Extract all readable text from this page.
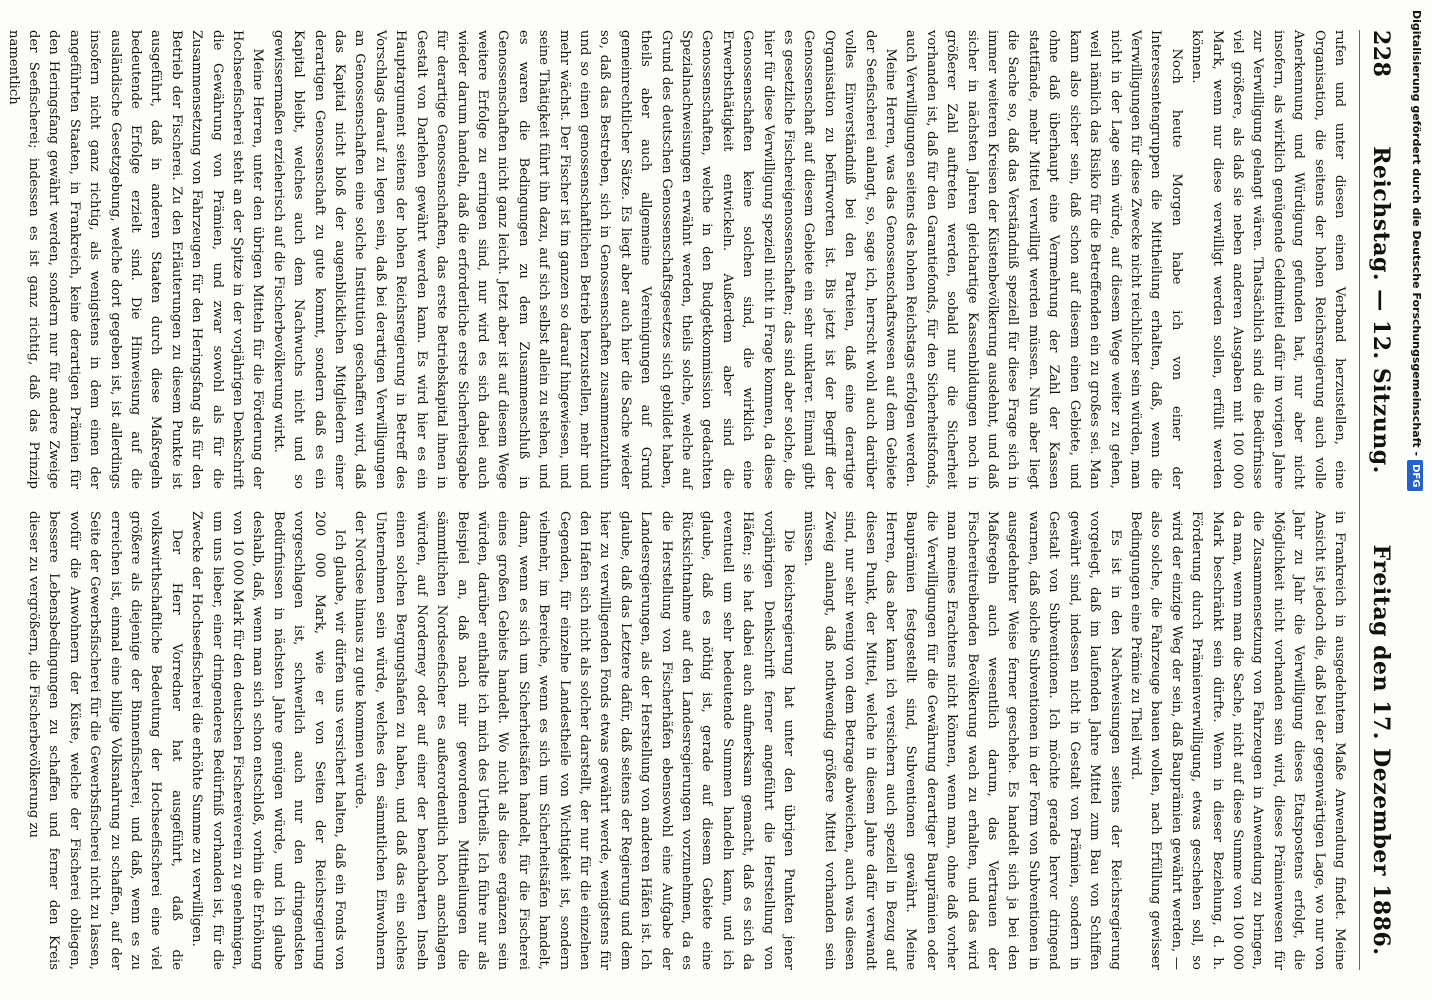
228
Reichstag. — 12. Sitzung.
Freitag den 17. Dezember 1886.

rufen und unter diesen einen Verband herzustellen, eine Organisation, die seitens der hohen Reichsregierung auch volle Anerkennung und Würdigung gefunden hat, nur aber nicht insofern, als wirklich genügende Geldmittel dafür im vorigen Jahre zur Verwilligung gelangt wären. Thatsächlich sind die Bedürfnisse viel größere, als daß sie neben anderen Ausgaben mit 100 000 Mark, wenn nur diese verwilligt werden sollen, erfüllt werden können.

Noch heute Morgen habe ich von einer der Interessentengruppen die Mittheilung erhalten, daß, wenn die Verwilligungen für diese Zwecke nicht reichlicher sein würden, man nicht in der Lage sein würde, auf diesem Wege weiter zu gehen, weil nämlich das Risiko für die Betreffenden ein zu großes sei. Man kann also sicher sein, daß schon auf diesem einen Gebiete, und ohne daß überhaupt eine Vermehrung der Zahl der Kassen stattfände, mehr Mittel verwilligt werden müssen. Nun aber liegt die Sache so, daß das Verständniß speziell für diese Frage sich in immer weiteren Kreisen der Küstenbevölkerung ausdehnt, und daß sicher in nächsten Jahren gleichartige Kassenbildungen noch in größerer Zahl auftreten werden, sobald nur die Sicherheit vorhanden ist, daß für den Garantiefonds, für den Sicherheitsfonds, auch Verwilligungen seitens des hohen Reichstags erfolgen werden.

Meine Herren, was das Genossenschaftswesen auf dem Gebiete der Seefischerei anlangt, so, sage ich, herrscht wohl auch darüber volles Einverständniß bei den Parteien, daß eine derartige Organisation zu befürworten ist. Bis jetzt ist der Begriff der Genossenschaft auf diesem Gebiete ein sehr unklarer. Einmal gibt es gesetzliche Fischereigenossenschaften; das sind aber solche, die hier für diese Verwilligung speziell nicht in Frage kommen, da diese Genossenschaften keine solchen sind, die wirklich eine Erwerbsthätigkeit entwickeln. Außerdem aber sind die Genossenschaften, welche in den Budgetkommission gedachten Spezialnachweisungen erwähnt werden, theils solche, welche auf Grund des deutschen Genossenschaftsgesetzes sich gebildet haben, theils aber auch allgemeine Vereinigungen auf Grund gemeinrechtlicher Sätze. Es liegt aber auch hier die Sache wieder so, daß das Bestreben, sich in Genossenschaften zusammenzuthun und so einen genossenschaftlichen Betrieb herzustellen, mehr und mehr wächst. Der Fischer ist im ganzen so darauf hingewiesen, und seine Thätigkeit führt ihn dazu, auf sich selbst allein zu stehen, und es waren die Bedingungen zu dem Zusammenschluß in Genossenschaften nicht ganz leicht. Jetzt aber ist auf diesem Wege weitere Erfolge zu erringen sind, nur wird es sich dabei auch wieder darum handeln, daß die erforderliche erste Sicherheitsgabe für derartige Genossenschaften, das erste Betriebskapital ihnen in Gestalt von Darlehen gewährt werden kann. Es wird hier es ein Hauptargument seitens der hohen Reichsregierung in Betreff des Vorschlags darauf zu legen sein, daß bei derartigen Verwilligungen an Genossenschaften eine solche Institution geschaffen wird, daß das Kapital nicht bloß der augenblicklichen Mitgliedern einer derartigen Genossenschaft zu gute kommt, sondern daß es ein Kapital bleibt, welches auch dem Nachwuchs nicht und so gewissermaßen erzieherisch auf die Fischerbevölkerung wirkt.

Meine Herren, unter den übrigen Mitteln für die Förderung der Hochseefischerei steht an der Spitze in der vorjährigen Denkschrift die Gewährung von Prämien, und zwar sowohl als für die Zusammensetzung von Fahrzeugen für den Heringsfang als für den Betrieb der Fischerei. Zu den Erläuterungen zu diesem Punkte ist ausgeführt, daß in anderen Staaten durch diese Maßregeln bedeutende Erfolge erzielt sind. Die Hinweisung auf die ausländische Gesetzgebung, welche dort gegeben ist, ist allerdings insofern nicht ganz richtig, als wenigstens in dem einen der angeführten Staaten, in Frankreich, keine derartigen Prämien für den Heringsfang gewährt werden, sondern nur für andere Zweige der Seefischerei; indessen es ist ganz richtig, daß das Prinzip namentlich

in Frankreich in ausgedehntem Maße Anwendung findet. Meine Ansicht ist jedoch die, daß bei der gegenwärtigen Lage, wo nur von Jahr zu Jahr die Verwilligung dieses Etatspostens erfolgt, die Möglichkeit nicht vorhanden sein wird, dieses Prämienwesen für die Zusammensetzung von Fahrzeugen in Anwendung zu bringen, da man, wenn man die Sache, nicht auf diese Summe von 100 000 Mark beschränkt sein dürfte. Wenn in dieser Beziehung, d. h. Förderung durch Prämienverwilligung, etwas geschehen soll, so wird der einzige Weg der sein, daß Bauprämien gewährt werden, — also solche, die Fahrzeuge bauen wollen, nach Erfüllung gewisser Bedingungen eine Prämie zu Theil wird.

Es ist in den Nachweisungen seitens der Reichsregierung vorgelegt, daß im laufenden Jahre Mittel zum Bau von Schiffen gewährt sind, indessen nicht in Gestalt von Prämien, sondern in Gestalt von Subventionen. Ich möchte gerade hervor dringend warnen, daß solche Subventionen in der Form von Subventionen in ausgedehnter Weise ferner geschehe. Es handelt sich ja bei den Maßregeln auch wesentlich darum, das Vertrauen der Fischereitreibenden Bevölkerung wach zu erhalten, und das wird man meines Erachtens nicht können, wenn man, ohne daß vorher die Verwilligungen für die Gewährung derartiger Bauprämien oder Bauprämien festgestellt sind, Subventionen gewährt. Meine Herren, das aber kann ich versichern auch speziell in Bezug auf diesen Punkt, der Mittel, welche in diesem Jahre dafür verwandt sind, nur sehr wenig von dem Betrage abweichen, auch was diesen Zweig anlangt, daß nothwendig größere Mittel vorhanden sein müssen.

Die Reichsregierung hat unter den übrigen Punkten jener vorjährigen Denkschrift ferner angeführt die Herstellung von Häfen; sie hat dabei auch aufmerksam gemacht, daß es sich da eventuell um sehr bedeutende Summen handeln kann, und ich glaube, daß es nöthig ist, gerade auf diesem Gebiete eine Rücksichtnahme auf den Landesregierungen vorzunehmen, da es die Herstellung von Fischerhäfen ebensowohl eine Aufgabe der Landesregierungen, als der Herstellung von anderen Häfen ist. Ich glaube, daß das Letztere dafür, daß seitens der Regierung und dem hier zu verwilligenden Fonds etwas gewährt werde, wenigstens für den Hafen sich nicht als solcher darstellt, der nur für die einzelnen Gegenden, für einzelne Landestheile von Wichtigkeit ist, sondern vielmehr, im Bereiche, wenn es sich um Sicherheitsäfen handelt, dann, wenn es sich um Sicherheitsäfen handelt, für die Fischerei eines großen Gebiets handelt. Wo nicht als diese ergänzen sein würden, darüber enthalte ich mich des Urtheils. Ich führe nur als Beispiel an, daß nach mir gewordenen Mittheilungen die sämmtlichen Nordseefischer es außerordentlich hoch anschlagen würden, auf Norderney oder auf einer der benachbarten Inseln einen solchen Bergungshafen zu haben, und daß das ein solches Unternehmen sein würde, welches den sämmtlichen Einwohnern der Nordsee hinaus zu gute kommen würde.

Ich glaube, wir dürfen uns versichert halten, daß ein Fonds von 200 000 Mark, wie er von Seiten der Reichsregierung vorgeschlagen ist, schwerlich auch nur den dringendsten Bedürfnissen in nächsten Jahre genügen würde, und ich glaube deshalb, daß, wenn man sich schon entschloß, vorhin die Erhöhung von 10 000 Mark für den deutschen Fischereiverein zu genehmigen, um uns lieber, einer dringenderes Bedürfniß vorhanden ist, für die Zwecke der Hochseefischerei die erhöhte Summe zu verwilligen.

Der Herr Vorredner hat ausgeführt, daß die volkswirthschaftliche Bedeutung der Hochseefischerei eine viel größere als diejenige der Binnenfischerei, und daß, wenn es zu erreichen ist, einmal eine billige Volksnahrung zu schaffen, auf der Seite der Gewerbsfischerei für die Gewerbsfischerei nicht zu lassen, wofür die Anwohnern der Küste, welche der Fischerei obliegen, bessere Lebensbedingungen zu schaffen und ferner den Kreis dieser zu vergrößern, die Fischerbevölkerung zu

Digitalisierung gefördert durch die Deutsche Forschungsgemeinschaft -DFG
